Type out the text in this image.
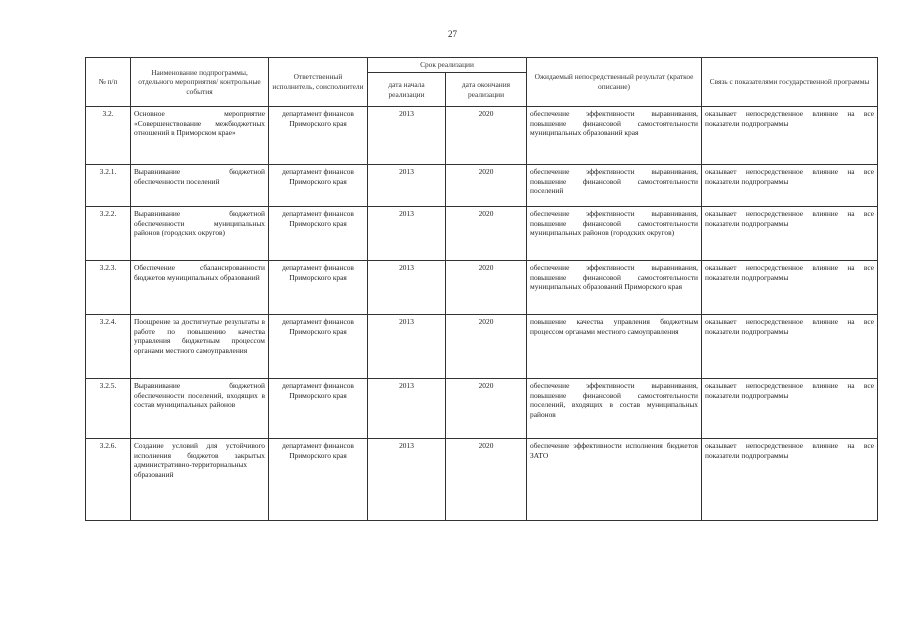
27
№ п/п	Наименование подпрограммы, отдельного мероприятия/ контрольные события	Ответственный исполнитель, соисполнители	Срок реализации		Ожидаемый непосредственный результат (краткое описание)	Связь с показателями государственной программы
			дата начала реализации	дата окончания реализации		
3.2.	Основное мероприятие «Совершенствование межбюджетных отношений в Приморском крае»	департамент финансов Приморского края	2013	2020	обеспечение эффективности выравнивания, повышение финансовой самостоятельности муниципальных образований края	оказывает непосредственное влияние на все показатели подпрограммы
3.2.1.	Выравнивание бюджетной обеспеченности поселений	департамент финансов Приморского края	2013	2020	обеспечение эффективности выравнивания, повышение финансовой самостоятельности поселений	оказывает непосредственное влияние на все показатели подпрограммы
3.2.2.	Выравнивание бюджетной обеспеченности муниципальных районов (городских округов)	департамент финансов Приморского края	2013	2020	обеспечение эффективности выравнивания, повышение финансовой самостоятельности муниципальных районов (городских округов)	оказывает непосредственное влияние на все показатели подпрограммы
3.2.3.	Обеспечение сбалансированности бюджетов муниципальных образований	департамент финансов Приморского края	2013	2020	обеспечение эффективности выравнивания, повышение финансовой самостоятельности муниципальных образований Приморского края	оказывает непосредственное влияние на все показатели подпрограммы
3.2.4.	Поощрение за достигнутые результаты в работе по повышению качества управления бюджетным процессом органами местного самоуправления	департамент финансов Приморского края	2013	2020	повышение качества управления бюджетным процессом органами местного самоуправления	оказывает непосредственное влияние на все показатели подпрограммы
3.2.5.	Выравнивание бюджетной обеспеченности поселений, входящих в состав муниципальных районов	департамент финансов Приморского края	2013	2020	обеспечение эффективности выравнивания, повышение финансовой самостоятельности поселений, входящих в состав муниципальных районов	оказывает непосредственное влияние на все показатели подпрограммы
3.2.6.	Создание условий для устойчивого исполнения бюджетов закрытых административно-территориальных образований	департамент финансов Приморского края	2013	2020	обеспечение эффективности исполнения бюджетов ЗАТО	оказывает непосредственное влияние на все показатели подпрограммы
